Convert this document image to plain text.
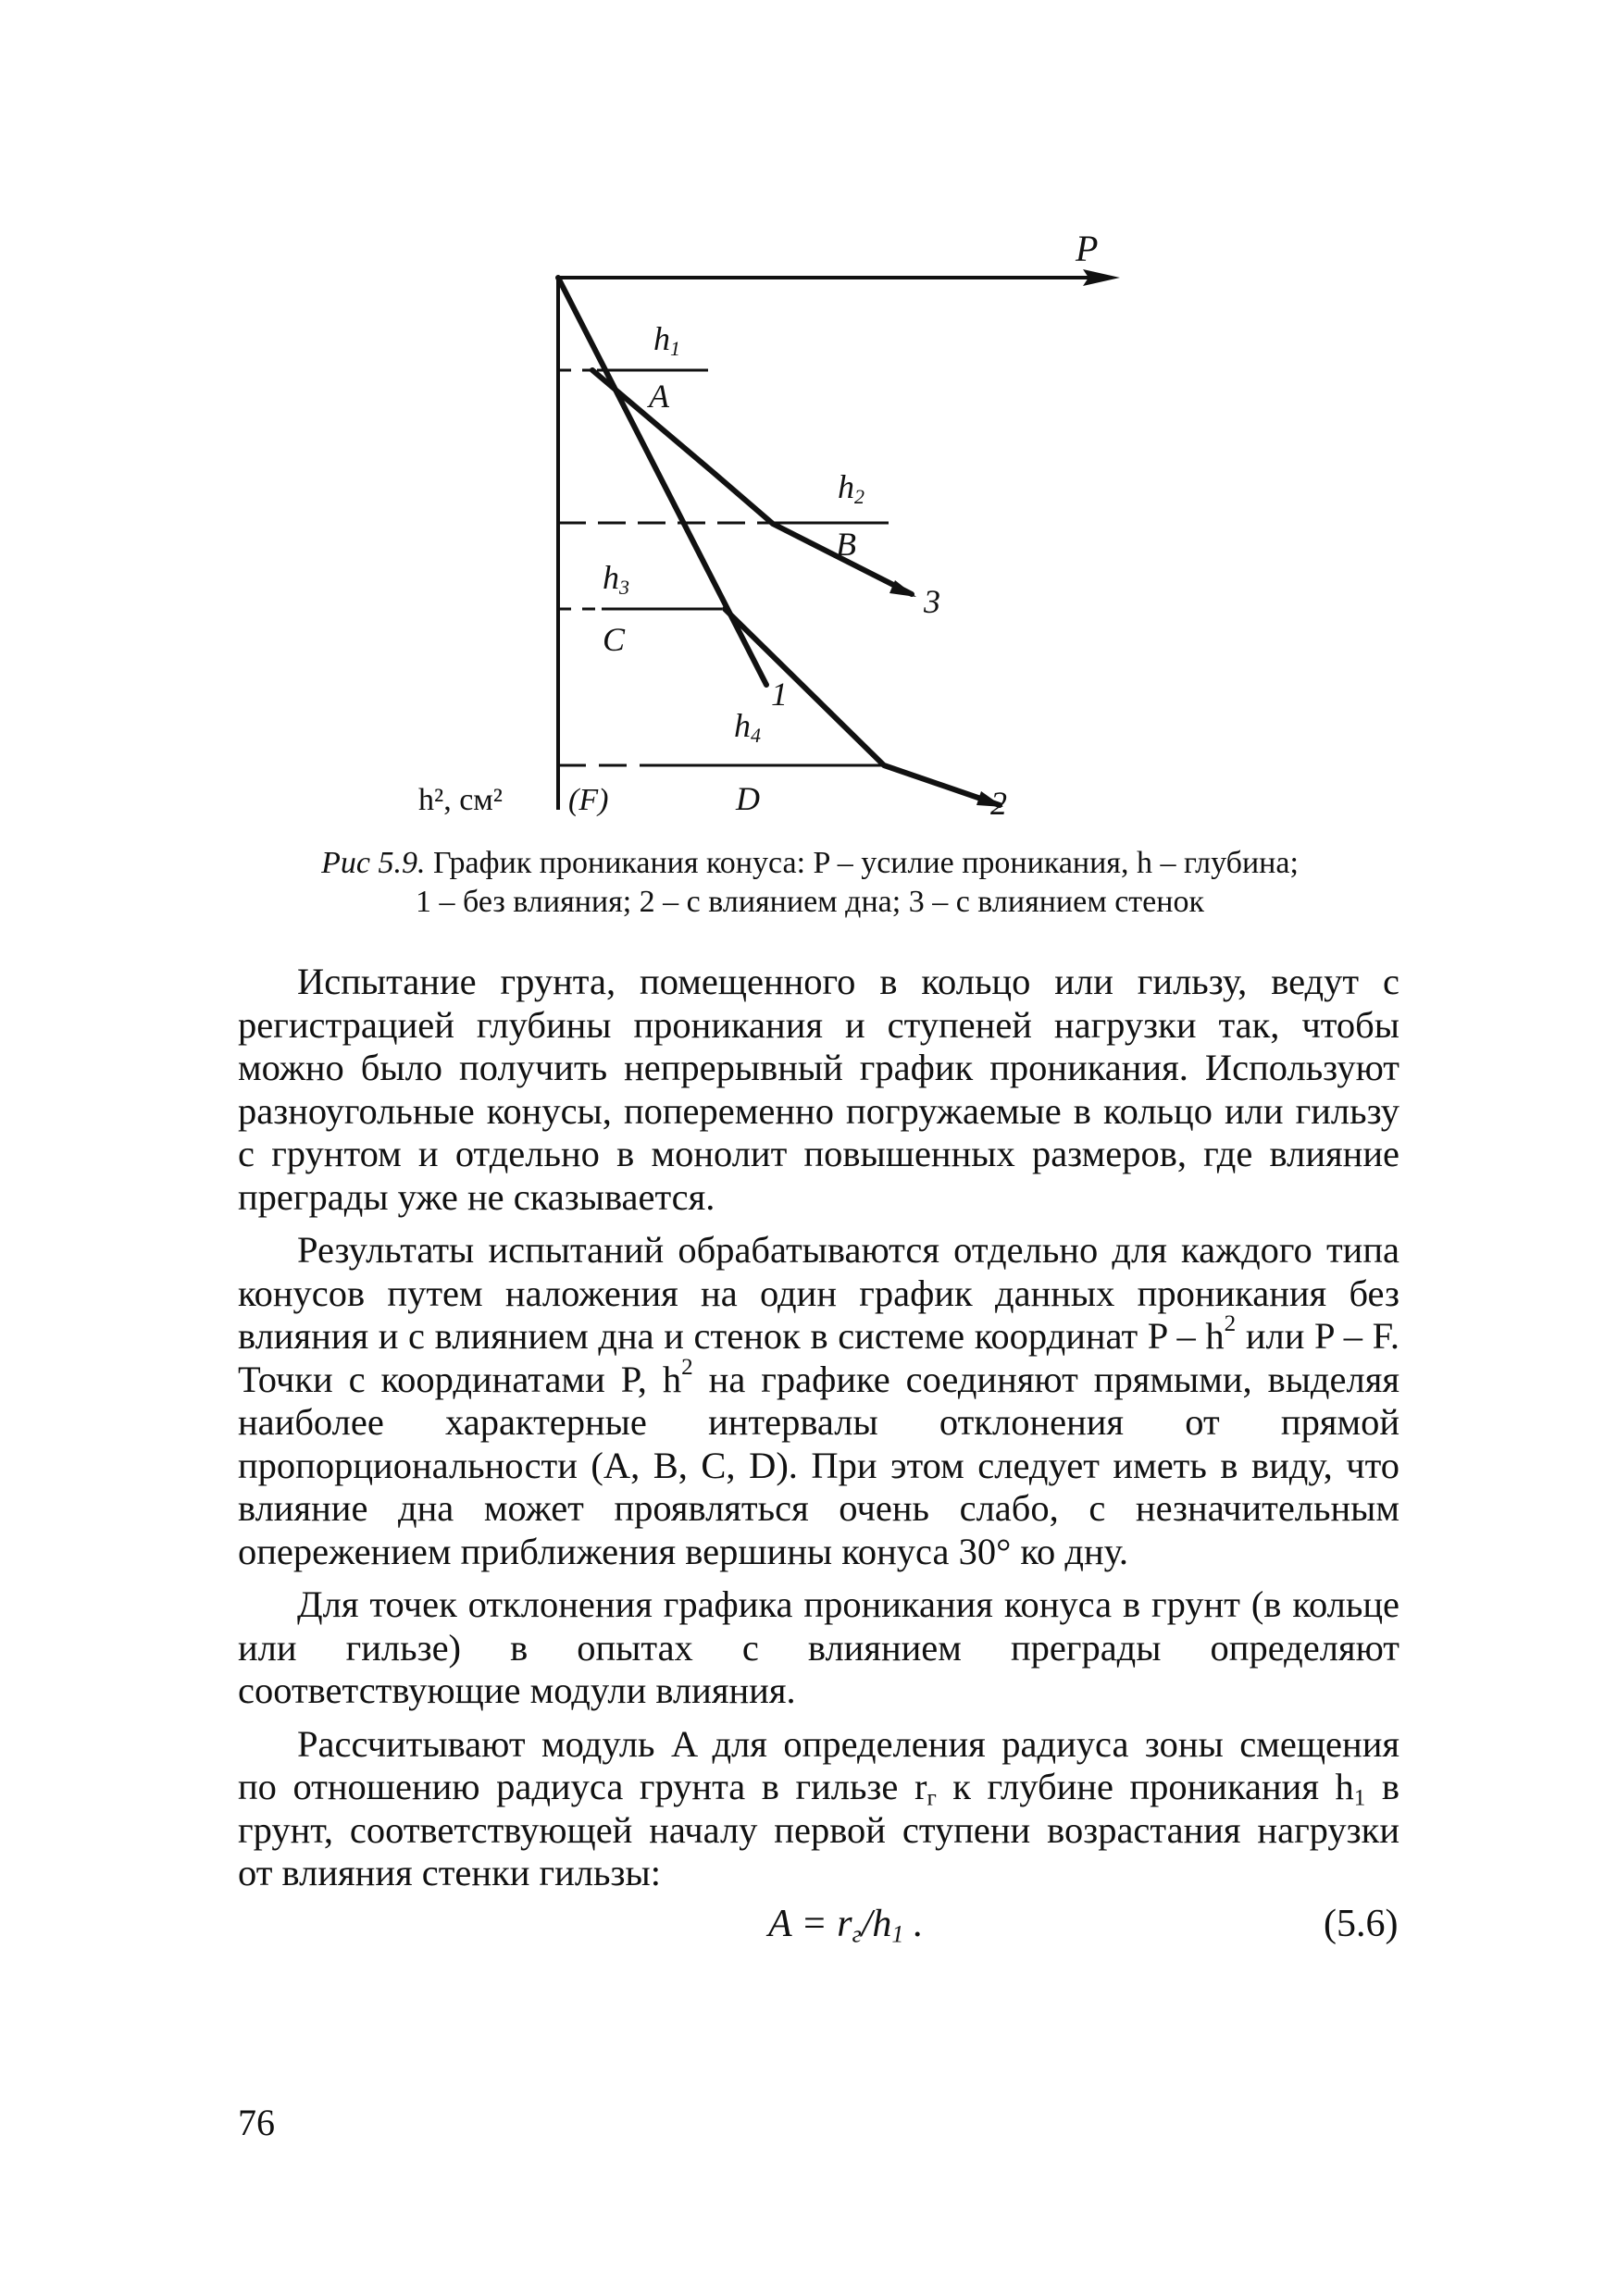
P
h², см² (F)
h1
h2
h3
h4
A
B
C
D
1
2
3
Рис 5.9. График проникания конуса: P – усилие проникания, h – глубина;
1 – без влияния; 2 – с влиянием дна; 3 – с влиянием стенок

Испытание грунта, помещенного в кольцо или гильзу, ведут с регистрацией глубины проникания и ступеней нагрузки так, чтобы можно было получить непрерывный график проникания. Используют разноугольные конусы, попеременно погружаемые в кольцо или гильзу с грунтом и отдельно в монолит повышенных размеров, где влияние преграды уже не сказывается.

Результаты испытаний обрабатываются отдельно для каждого типа конусов путем наложения на один график данных проникания без влияния и с влиянием дна и стенок в системе координат P – $h^2$ или P – F. Точки с координатами P, $h^2$ на графике соединяют прямыми, выделяя наиболее характерные интервалы отклонения от прямой пропорциональности (A, B, C, D). При этом следует иметь в виду, что влияние дна может проявляться очень слабо, с незначительным опережением приближения вершины конуса 30° ко дну.

Для точек отклонения графика проникания конуса в грунт (в кольце или гильзе) в опытах с влиянием преграды определяют соответствующие модули влияния.

Рассчитывают модуль A для определения радиуса зоны смещения по отношению радиуса грунта в гильзе $r_г$ к глубине проникания $h_1$ в грунт, соответствующей началу первой ступени возрастания нагрузки от влияния стенки гильзы:

$A = r_г/h_1$ .	(5.6)
76
